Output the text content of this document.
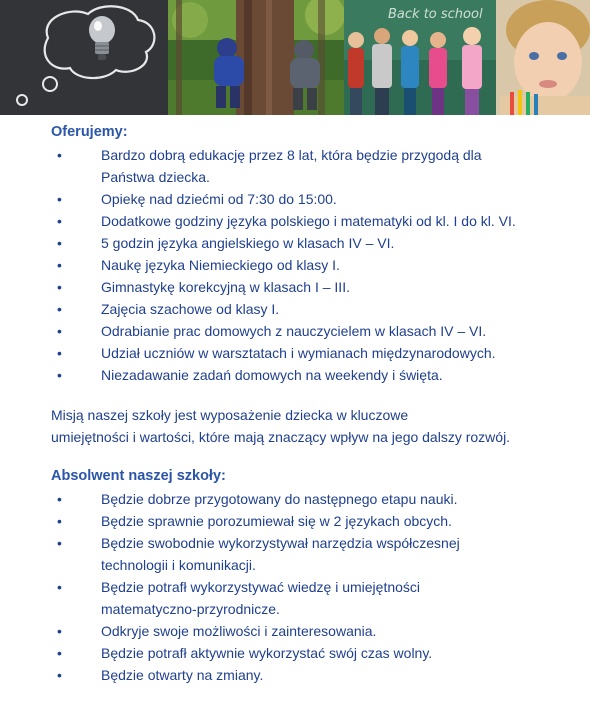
Back to school
Oferujemy:
•	Bardzo dobrą edukację przez 8 lat, która będzie przygodą dla
Państwa dziecka.
•	Opiekę nad dziećmi od 7:30 do 15:00.
•	Dodatkowe godziny języka polskiego i matematyki od kl. I do kl. VI.
•	5 godzin języka angielskiego w klasach IV – VI.
•	Naukę języka Niemieckiego od klasy I.
•	Gimnastykę korekcyjną w klasach I – III.
•	Zajęcia szachowe od klasy I.
•	Odrabianie prac domowych z nauczycielem w klasach IV – VI.
•	Udział uczniów w warsztatach i wymianach międzynarodowych.
•	Niezadawanie zadań domowych na weekendy i święta.
Misją naszej szkoły jest wyposażenie dziecka w kluczowe
umiejętności i wartości, które mają znaczący wpływ na jego dalszy rozwój.
Absolwent naszej szkoły:
•	Będzie dobrze przygotowany do następnego etapu nauki.
•	Będzie sprawnie porozumiewał się w 2 językach obcych.
•	Będzie swobodnie wykorzystywał narzędzia współczesnej
technologii i komunikacji.
•	Będzie potrafł wykorzystywać wiedzę i umiejętności
matematyczno-przyrodnicze.
•	Odkryje swoje możliwości i zainteresowania.
•	Będzie potrafł aktywnie wykorzystać swój czas wolny.
•	Będzie otwarty na zmiany.
